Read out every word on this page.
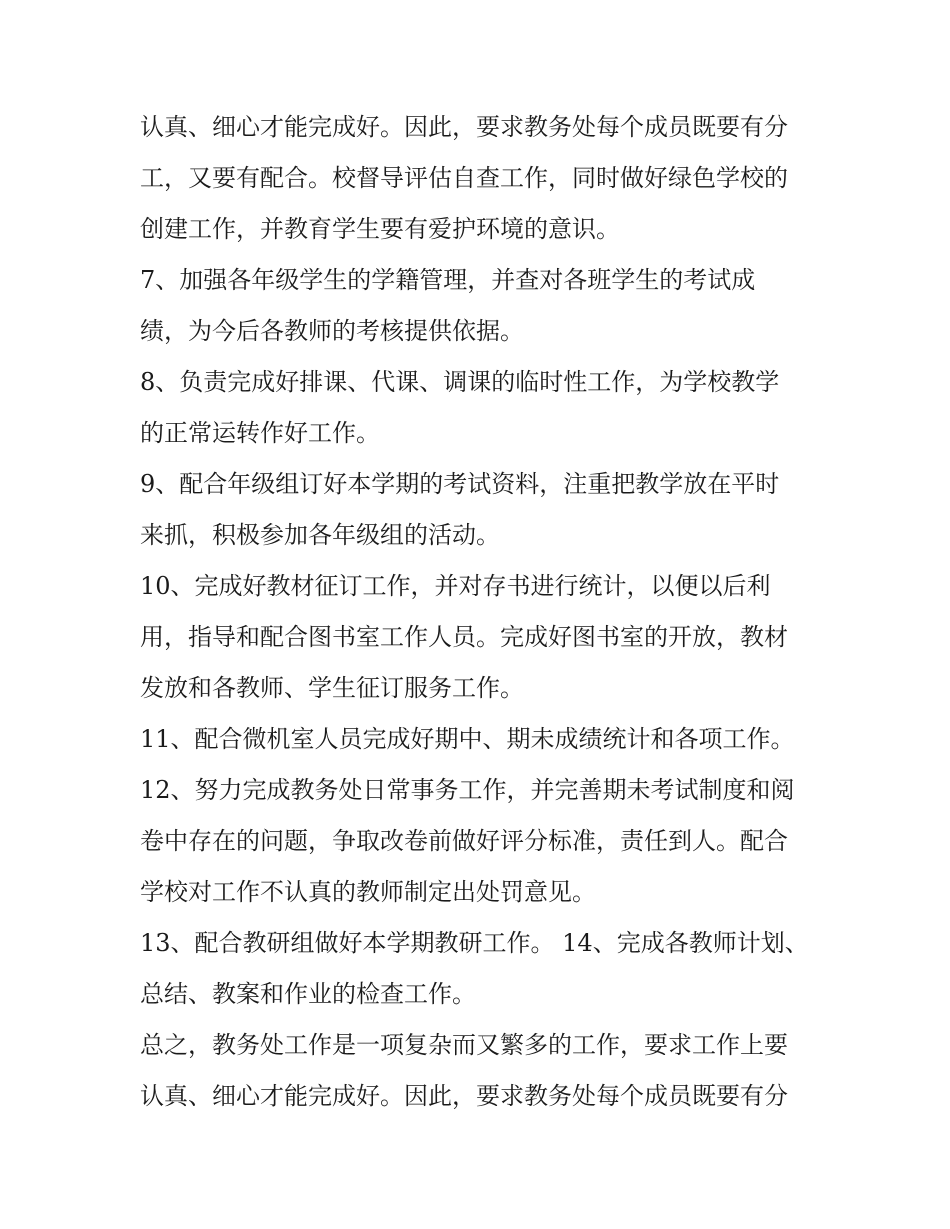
认真、细心才能完成好。因此，要求教务处每个成员既要有分
工，又要有配合。校督导评估自查工作，同时做好绿色学校的
创建工作，并教育学生要有爱护环境的意识。
7、加强各年级学生的学籍管理，并查对各班学生的考试成
绩，为今后各教师的考核提供依据。
8、负责完成好排课、代课、调课的临时性工作，为学校教学
的正常运转作好工作。
9、配合年级组订好本学期的考试资料，注重把教学放在平时
来抓，积极参加各年级组的活动。
10、完成好教材征订工作，并对存书进行统计，以便以后利
用，指导和配合图书室工作人员。完成好图书室的开放，教材
发放和各教师、学生征订服务工作。
11、配合微机室人员完成好期中、期未成绩统计和各项工作。
12、努力完成教务处日常事务工作，并完善期未考试制度和阅
卷中存在的问题，争取改卷前做好评分标准，责任到人。配合
学校对工作不认真的教师制定出处罚意见。
13、配合教研组做好本学期教研工作。 14、完成各教师计划、
总结、教案和作业的检查工作。
总之，教务处工作是一项复杂而又繁多的工作，要求工作上要
认真、细心才能完成好。因此，要求教务处每个成员既要有分
